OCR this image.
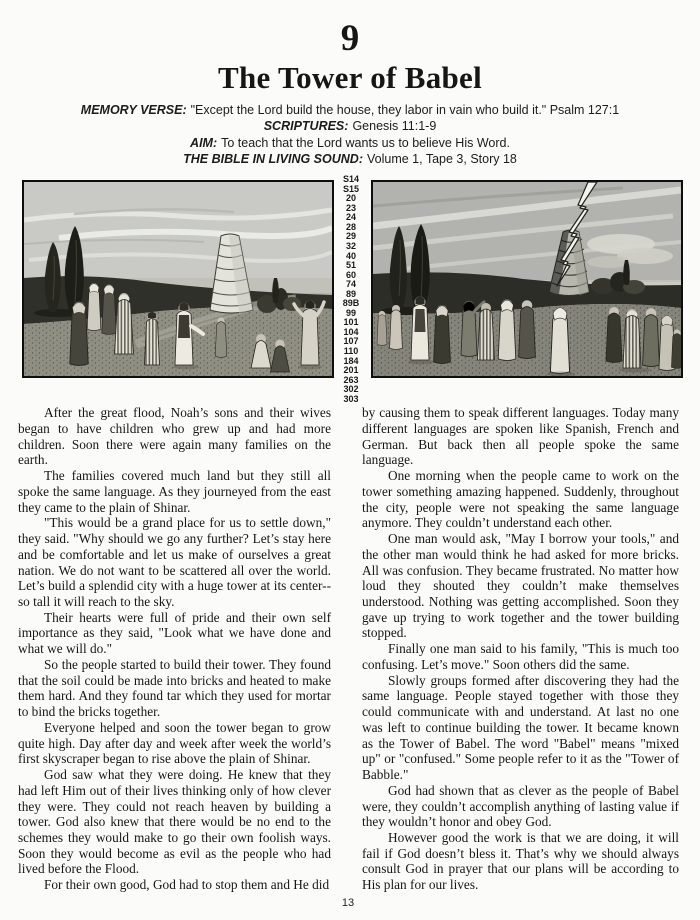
9
The Tower of Babel
MEMORY VERSE: "Except the Lord build the house, they labor in vain who build it." Psalm 127:1
SCRIPTURES: Genesis 11:1-9
AIM: To teach that the Lord wants us to believe His Word.
THE BIBLE IN LIVING SOUND: Volume 1, Tape 3, Story 18
S14
S15
20
23
24
28
29
32
40
51
60
74
89
89B
99
101
104
107
110
184
201
263
302
303

After the great flood, Noah’s sons and their wives began to have children who grew up and had more children. Soon there were again many families on the earth.

The families covered much land but they still all spoke the same language. As they journeyed from the east they came to the plain of Shinar.

"This would be a grand place for us to settle down," they said. "Why should we go any further? Let’s stay here and be comfortable and let us make of ourselves a great nation. We do not want to be scattered all over the world. Let’s build a splendid city with a huge tower at its center--so tall it will reach to the sky.

Their hearts were full of pride and their own self importance as they said, "Look what we have done and what we will do."

So the people started to build their tower. They found that the soil could be made into bricks and heated to make them hard. And they found tar which they used for mortar to bind the bricks together.

Everyone helped and soon the tower began to grow quite high. Day after day and week after week the world’s first skyscraper began to rise above the plain of Shinar.

God saw what they were doing. He knew that they had left Him out of their lives thinking only of how clever they were. They could not reach heaven by building a tower. God also knew that there would be no end to the schemes they would make to go their own foolish ways. Soon they would become as evil as the people who had lived before the Flood.

For their own good, God had to stop them and He did

by causing them to speak different languages. Today many different languages are spoken like Spanish, French and German. But back then all people spoke the same language.

One morning when the people came to work on the tower something amazing happened. Suddenly, throughout the city, people were not speaking the same language anymore. They couldn’t understand each other.

One man would ask, "May I borrow your tools," and the other man would think he had asked for more bricks. All was confusion. They became frustrated. No matter how loud they shouted they couldn’t make themselves understood. Nothing was getting accomplished. Soon they gave up trying to work together and the tower building stopped.

Finally one man said to his family, "This is much too confusing. Let’s move." Soon others did the same.

Slowly groups formed after discovering they had the same language. People stayed together with those they could communicate with and understand. At last no one was left to continue building the tower. It became known as the Tower of Babel. The word "Babel" means "mixed up" or "confused." Some people refer to it as the "Tower of Babble."

God had shown that as clever as the people of Babel were, they couldn’t accomplish anything of lasting value if they wouldn’t honor and obey God.

However good the work is that we are doing, it will fail if God doesn’t bless it. That’s why we should always consult God in prayer that our plans will be according to His plan for our lives.

13
